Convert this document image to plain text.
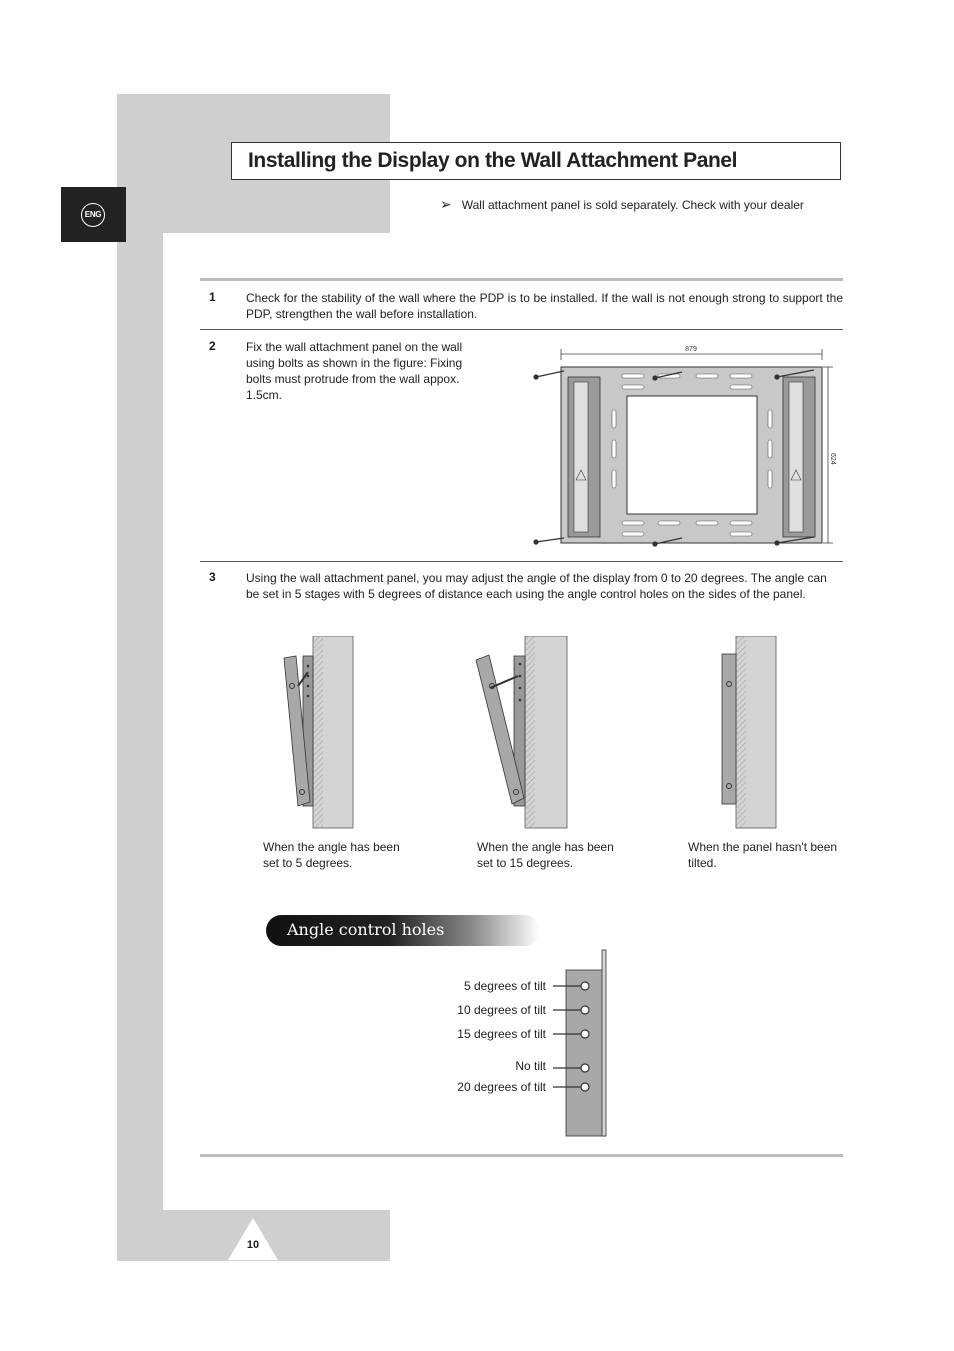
ENG
Installing the Display on the Wall Attachment Panel
➢ Wall attachment panel is sold separately. Check with your dealer
1	Check for the stability of the wall where the PDP is to be installed. If the wall is not enough strong to support the PDP, strengthen the wall before installation.
2	Fix the wall attachment panel on the wall using bolts as shown in the figure: Fixing bolts must protrude from the wall appox. 1.5cm.
879
624
3	Using the wall attachment panel, you may adjust the angle of the display from 0 to 20 degrees. The angle can be set in 5 stages with 5 degrees of distance each using the angle control holes on the sides of the panel.
When the angle has been set to 5 degrees.
When the angle has been set to 15 degrees.
When the panel hasn't been tilted.
Angle control holes
5 degrees of tilt
10 degrees of tilt
15 degrees of tilt
No tilt
20 degrees of tilt
10
